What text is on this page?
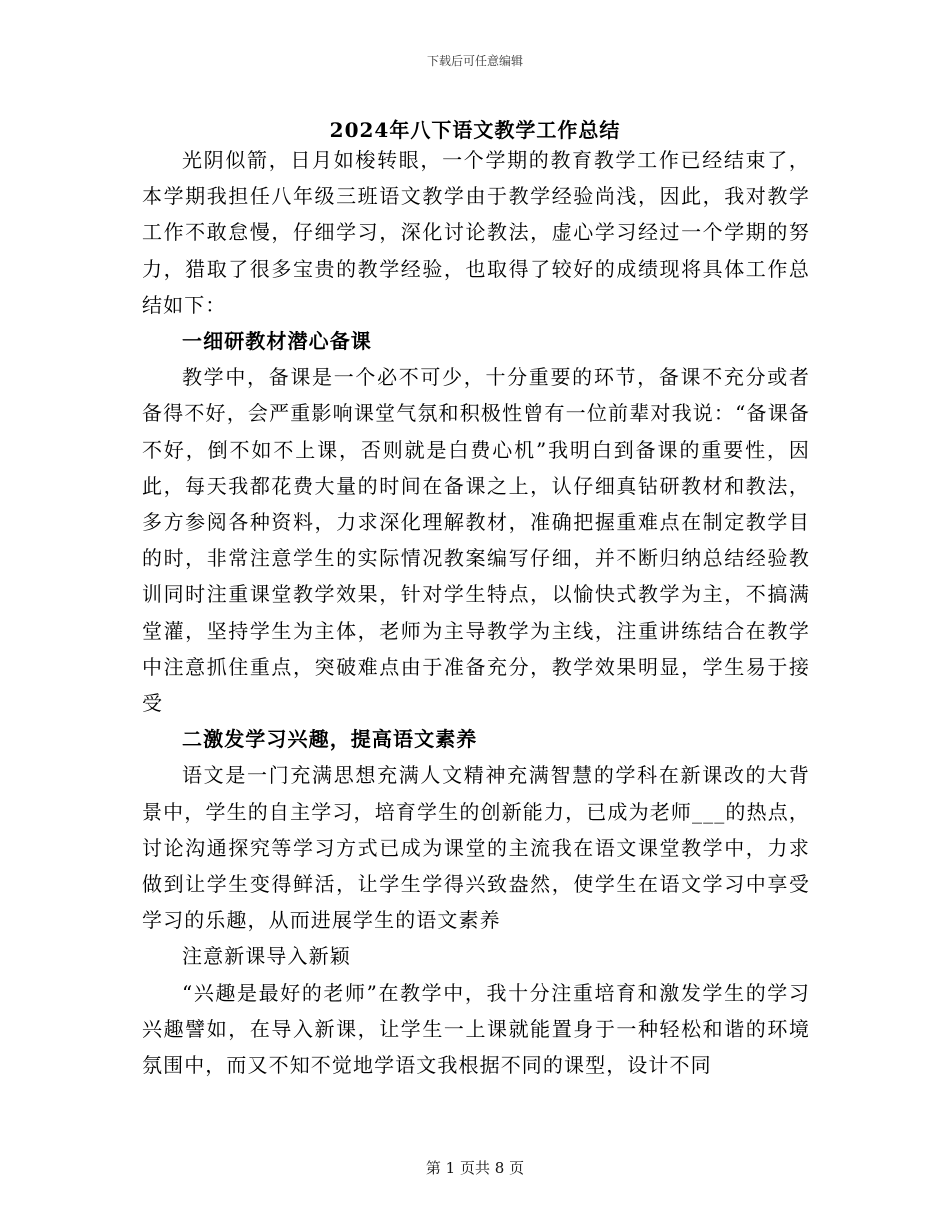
下载后可任意编辑
2024年八下语文教学工作总结

光阴似箭，日月如梭转眼，一个学期的教育教学工作已经结束了，本学期我担任八年级三班语文教学由于教学经验尚浅，因此，我对教学工作不敢怠慢，仔细学习，深化讨论教法，虚心学习经过一个学期的努力，猎取了很多宝贵的教学经验，也取得了较好的成绩现将具体工作总结如下：

一细研教材潜心备课

教学中，备课是一个必不可少，十分重要的环节，备课不充分或者备得不好，会严重影响课堂气氛和积极性曾有一位前辈对我说：“备课备不好，倒不如不上课，否则就是白费心机”我明白到备课的重要性，因此，每天我都花费大量的时间在备课之上，认仔细真钻研教材和教法，多方参阅各种资料，力求深化理解教材，准确把握重难点在制定教学目的时，非常注意学生的实际情况教案编写仔细，并不断归纳总结经验教训同时注重课堂教学效果，针对学生特点，以愉快式教学为主，不搞满堂灌，坚持学生为主体，老师为主导教学为主线，注重讲练结合在教学中注意抓住重点，突破难点由于准备充分，教学效果明显，学生易于接受

二激发学习兴趣，提高语文素养

语文是一门充满思想充满人文精神充满智慧的学科在新课改的大背景中，学生的自主学习，培育学生的创新能力，已成为老师___的热点，讨论沟通探究等学习方式已成为课堂的主流我在语文课堂教学中，力求做到让学生变得鲜活，让学生学得兴致盎然，使学生在语文学习中享受学习的乐趣，从而进展学生的语文素养

注意新课导入新颖

“兴趣是最好的老师”在教学中，我十分注重培育和激发学生的学习兴趣譬如，在导入新课，让学生一上课就能置身于一种轻松和谐的环境氛围中，而又不知不觉地学语文我根据不同的课型，设计不同

第 1 页共 8 页
